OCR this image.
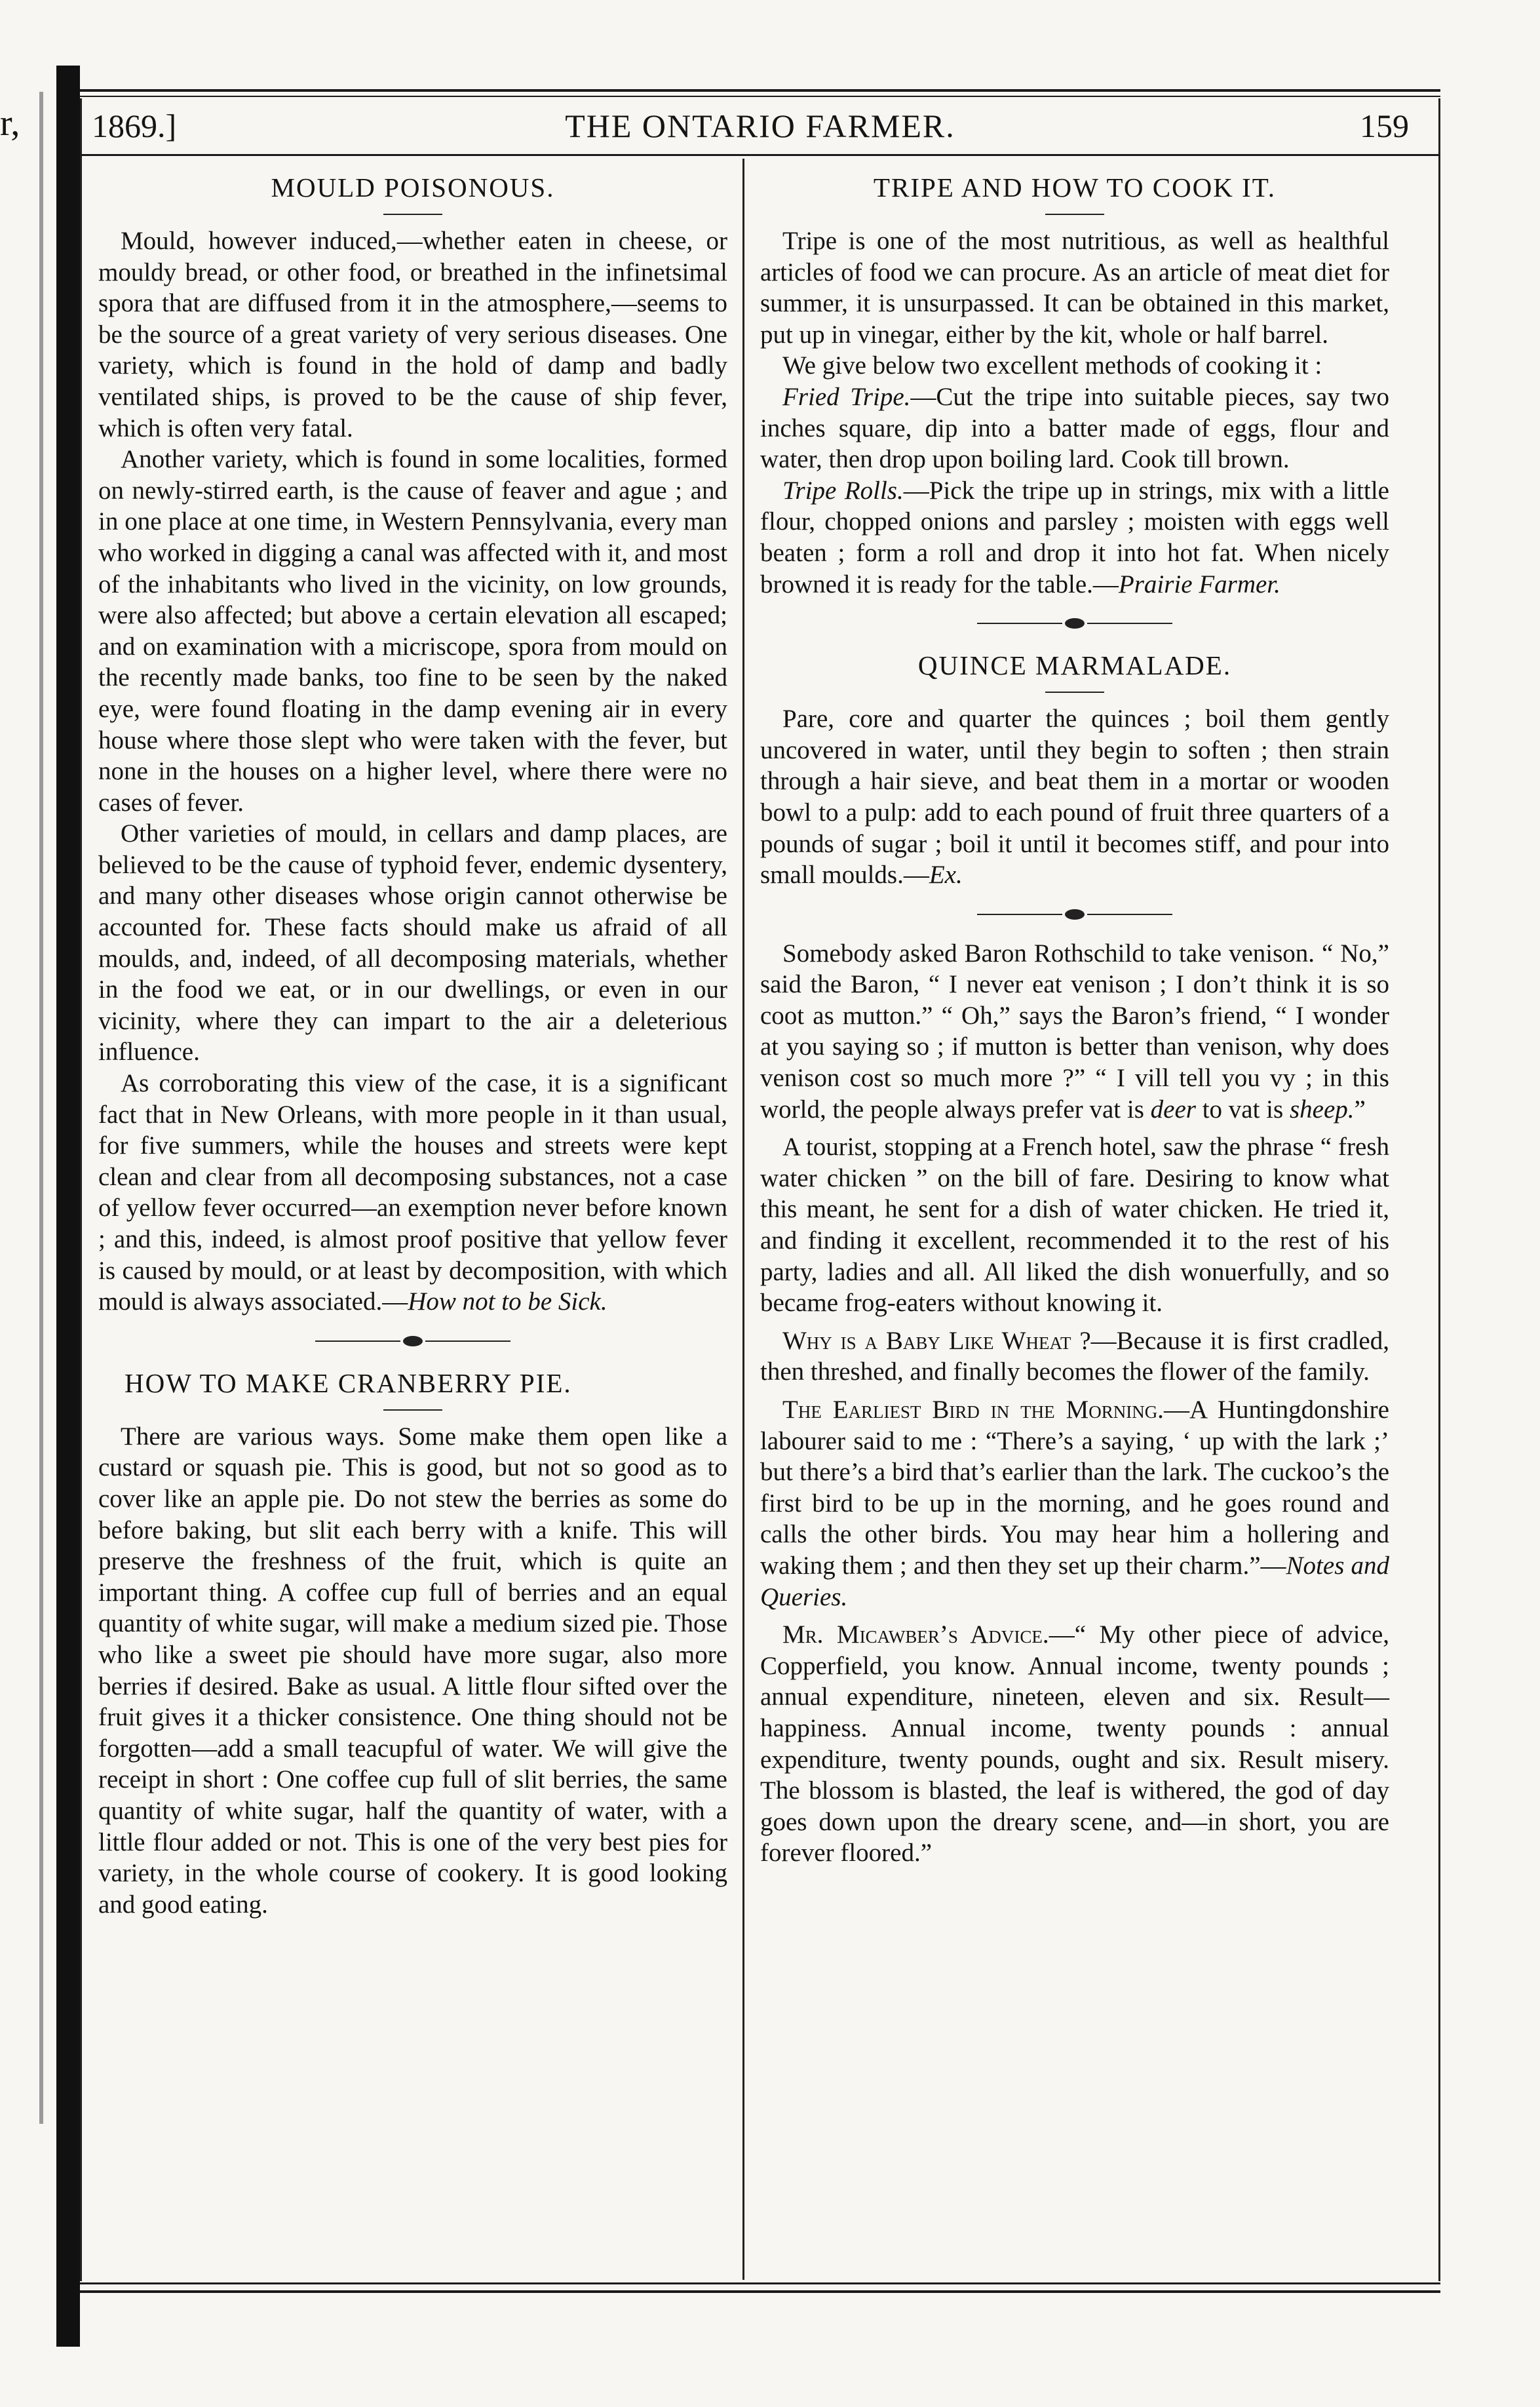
r, 1869.]	THE ONTARIO FARMER.	159
MOULD POISONOUS.

Mould, however induced,—whether eaten in cheese, or mouldy bread, or other food, or breathed in the infinetsimal spora that are diffused from it in the atmosphere,—seems to be the source of a great variety of very serious diseases. One variety, which is found in the hold of damp and badly ventilated ships, is proved to be the cause of ship fever, which is often very fatal.

Another variety, which is found in some localities, formed on newly-stirred earth, is the cause of feaver and ague ; and in one place at one time, in Western Pennsylvania, every man who worked in digging a canal was affected with it, and most of the inhabitants who lived in the vicinity, on low grounds, were also affected; but above a certain elevation all escaped; and on examination with a micriscope, spora from mould on the recently made banks, too fine to be seen by the naked eye, were found floating in the damp evening air in every house where those slept who were taken with the fever, but none in the houses on a higher level, where there were no cases of fever.

Other varieties of mould, in cellars and damp places, are believed to be the cause of typhoid fever, endemic dysentery, and many other diseases whose origin cannot otherwise be accounted for. These facts should make us afraid of all moulds, and, indeed, of all decomposing materials, whether in the food we eat, or in our dwellings, or even in our vicinity, where they can impart to the air a deleterious influence.

As corroborating this view of the case, it is a significant fact that in New Orleans, with more people in it than usual, for five summers, while the houses and streets were kept clean and clear from all decomposing substances, not a case of yellow fever occurred—an exemption never before known ; and this, indeed, is almost proof positive that yellow fever is caused by mould, or at least by decomposition, with which mould is always associated.—How not to be Sick.

HOW TO MAKE CRANBERRY PIE.

There are various ways. Some make them open like a custard or squash pie. This is good, but not so good as to cover like an apple pie. Do not stew the berries as some do before baking, but slit each berry with a knife. This will preserve the freshness of the fruit, which is quite an important thing. A coffee cup full of berries and an equal quantity of white sugar, will make a medium sized pie. Those who like a sweet pie should have more sugar, also more berries if desired. Bake as usual. A little flour sifted over the fruit gives it a thicker consistence. One thing should not be forgotten—add a small teacupful of water. We will give the receipt in short : One coffee cup full of slit berries, the same quantity of white sugar, half the quantity of water, with a little flour added or not. This is one of the very best pies for variety, in the whole course of cookery. It is good looking and good eating.

TRIPE AND HOW TO COOK IT.

Tripe is one of the most nutritious, as well as healthful articles of food we can procure. As an article of meat diet for summer, it is unsurpassed. It can be obtained in this market, put up in vinegar, either by the kit, whole or half barrel.

We give below two excellent methods of cooking it :

Fried Tripe.—Cut the tripe into suitable pieces, say two inches square, dip into a batter made of eggs, flour and water, then drop upon boiling lard. Cook till brown.

Tripe Rolls.—Pick the tripe up in strings, mix with a little flour, chopped onions and parsley ; moisten with eggs well beaten ; form a roll and drop it into hot fat. When nicely browned it is ready for the table.—Prairie Farmer.

QUINCE MARMALADE.

Pare, core and quarter the quinces ; boil them gently uncovered in water, until they begin to soften ; then strain through a hair sieve, and beat them in a mortar or wooden bowl to a pulp: add to each pound of fruit three quarters of a pounds of sugar ; boil it until it becomes stiff, and pour into small moulds.—Ex.

Somebody asked Baron Rothschild to take venison. “ No,” said the Baron, “ I never eat venison ; I don’t think it is so coot as mutton.” “ Oh,” says the Baron’s friend, “ I wonder at you saying so ; if mutton is better than venison, why does venison cost so much more ?” “ I vill tell you vy ; in this world, the people always prefer vat is deer to vat is sheep.”

A tourist, stopping at a French hotel, saw the phrase “ fresh water chicken ” on the bill of fare. Desiring to know what this meant, he sent for a dish of water chicken. He tried it, and finding it excellent, recommended it to the rest of his party, ladies and all. All liked the dish wonuerfully, and so became frog-eaters without knowing it.

Why is a Baby Like Wheat ?—Because it is first cradled, then threshed, and finally becomes the flower of the family.

The Earliest Bird in the Morning.—A Huntingdonshire labourer said to me : “There’s a saying, ‘ up with the lark ;’ but there’s a bird that’s earlier than the lark. The cuckoo’s the first bird to be up in the morning, and he goes round and calls the other birds. You may hear him a hollering and waking them ; and then they set up their charm.”—Notes and Queries.

Mr. Micawber’s Advice.—“ My other piece of advice, Copperfield, you know. Annual income, twenty pounds ; annual expenditure, nineteen, eleven and six. Result—happiness. Annual income, twenty pounds : annual expenditure, twenty pounds, ought and six. Result misery. The blossom is blasted, the leaf is withered, the god of day goes down upon the dreary scene, and—in short, you are forever floored.”
